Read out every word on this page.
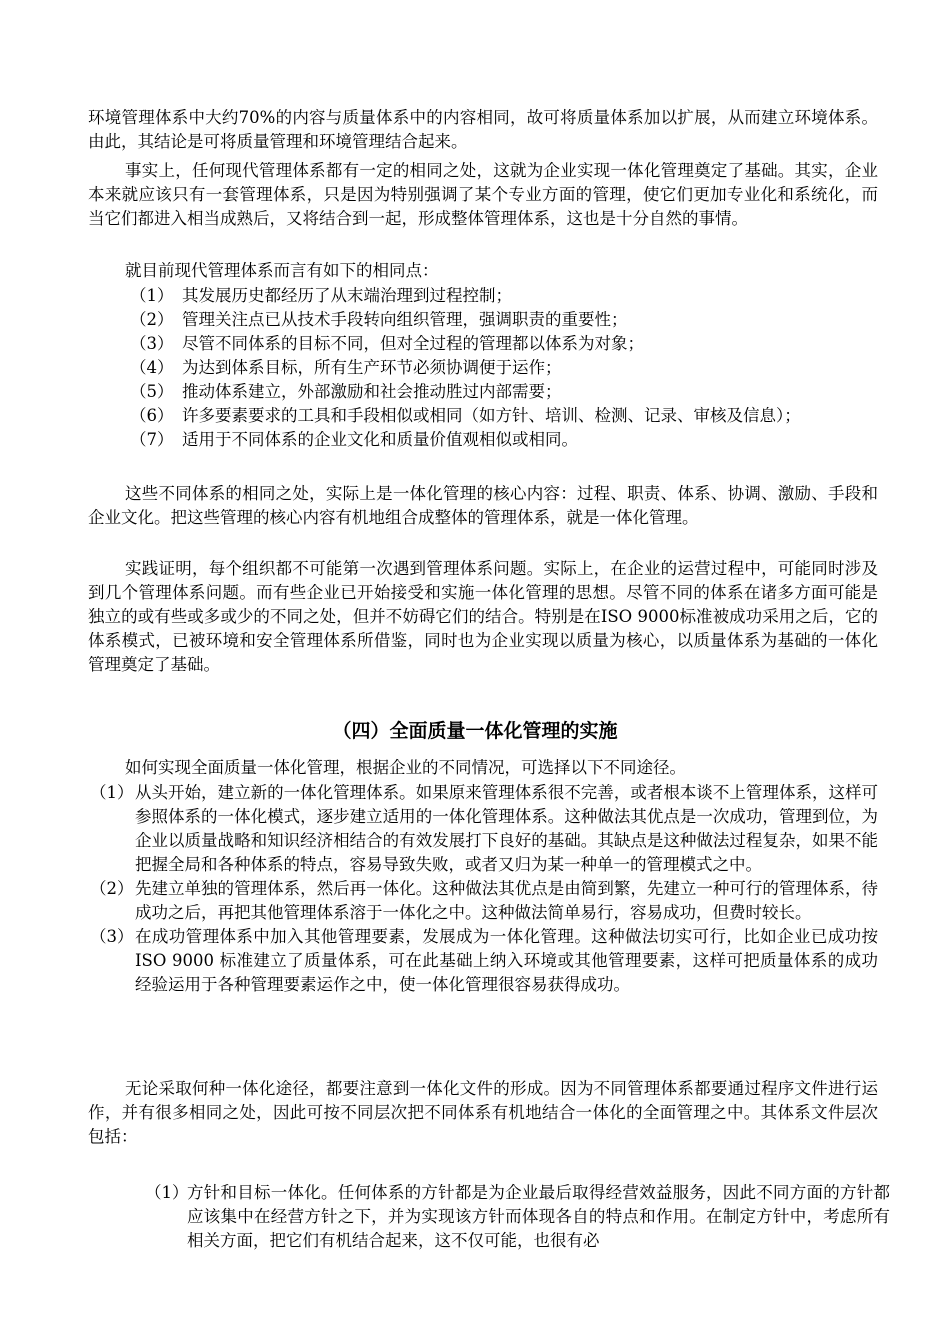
环境管理体系中大约70%的内容与质量体系中的内容相同，故可将质量体系加以扩展，从而建立环境体系。由此，其结论是可将质量管理和环境管理结合起来。

事实上，任何现代管理体系都有一定的相同之处，这就为企业实现一体化管理奠定了基础。其实，企业本来就应该只有一套管理体系，只是因为特别强调了某个专业方面的管理，使它们更加专业化和系统化，而当它们都进入相当成熟后，又将结合到一起，形成整体管理体系，这也是十分自然的事情。

就目前现代管理体系而言有如下的相同点：

（1） 其发展历史都经历了从末端治理到过程控制；
（2） 管理关注点已从技术手段转向组织管理，强调职责的重要性；
（3） 尽管不同体系的目标不同，但对全过程的管理都以体系为对象；
（4） 为达到体系目标，所有生产环节必须协调便于运作；
（5） 推动体系建立，外部激励和社会推动胜过内部需要；
（6） 许多要素要求的工具和手段相似或相同（如方针、培训、检测、记录、审核及信息）；
（7） 适用于不同体系的企业文化和质量价值观相似或相同。

这些不同体系的相同之处，实际上是一体化管理的核心内容：过程、职责、体系、协调、激励、手段和企业文化。把这些管理的核心内容有机地组合成整体的管理体系，就是一体化管理。

实践证明，每个组织都不可能第一次遇到管理体系问题。实际上，在企业的运营过程中，可能同时涉及到几个管理体系问题。而有些企业已开始接受和实施一体化管理的思想。尽管不同的体系在诸多方面可能是独立的或有些或多或少的不同之处，但并不妨碍它们的结合。特别是在ISO 9000标准被成功采用之后，它的体系模式，已被环境和安全管理体系所借鉴，同时也为企业实现以质量为核心，以质量体系为基础的一体化管理奠定了基础。

（四）全面质量一体化管理的实施

如何实现全面质量一体化管理，根据企业的不同情况，可选择以下不同途径。

（1） 从头开始，建立新的一体化管理体系。如果原来管理体系很不完善，或者根本谈不上管理体系，这样可参照体系的一体化模式，逐步建立适用的一体化管理体系。这种做法其优点是一次成功，管理到位，为企业以质量战略和知识经济相结合的有效发展打下良好的基础。其缺点是这种做法过程复杂，如果不能把握全局和各种体系的特点，容易导致失败，或者又归为某一种单一的管理模式之中。
（2） 先建立单独的管理体系，然后再一体化。这种做法其优点是由简到繁，先建立一种可行的管理体系，待成功之后，再把其他管理体系溶于一体化之中。这种做法简单易行，容易成功，但费时较长。
（3） 在成功管理体系中加入其他管理要素，发展成为一体化管理。这种做法切实可行，比如企业已成功按 ISO 9000 标准建立了质量体系，可在此基础上纳入环境或其他管理要素，这样可把质量体系的成功经验运用于各种管理要素运作之中，使一体化管理很容易获得成功。

无论采取何种一体化途径，都要注意到一体化文件的形成。因为不同管理体系都要通过程序文件进行运作，并有很多相同之处，因此可按不同层次把不同体系有机地结合一体化的全面管理之中。其体系文件层次包括：

（1）
方针和目标一体化。任何体系的方针都是为企业最后取得经营效益服务，因此不同方面的方针都应该集中在经营方针之下，并为实现该方针而体现各自的特点和作用。在制定方针中，考虑所有相关方面，把它们有机结合起来，这不仅可能，也很有必
